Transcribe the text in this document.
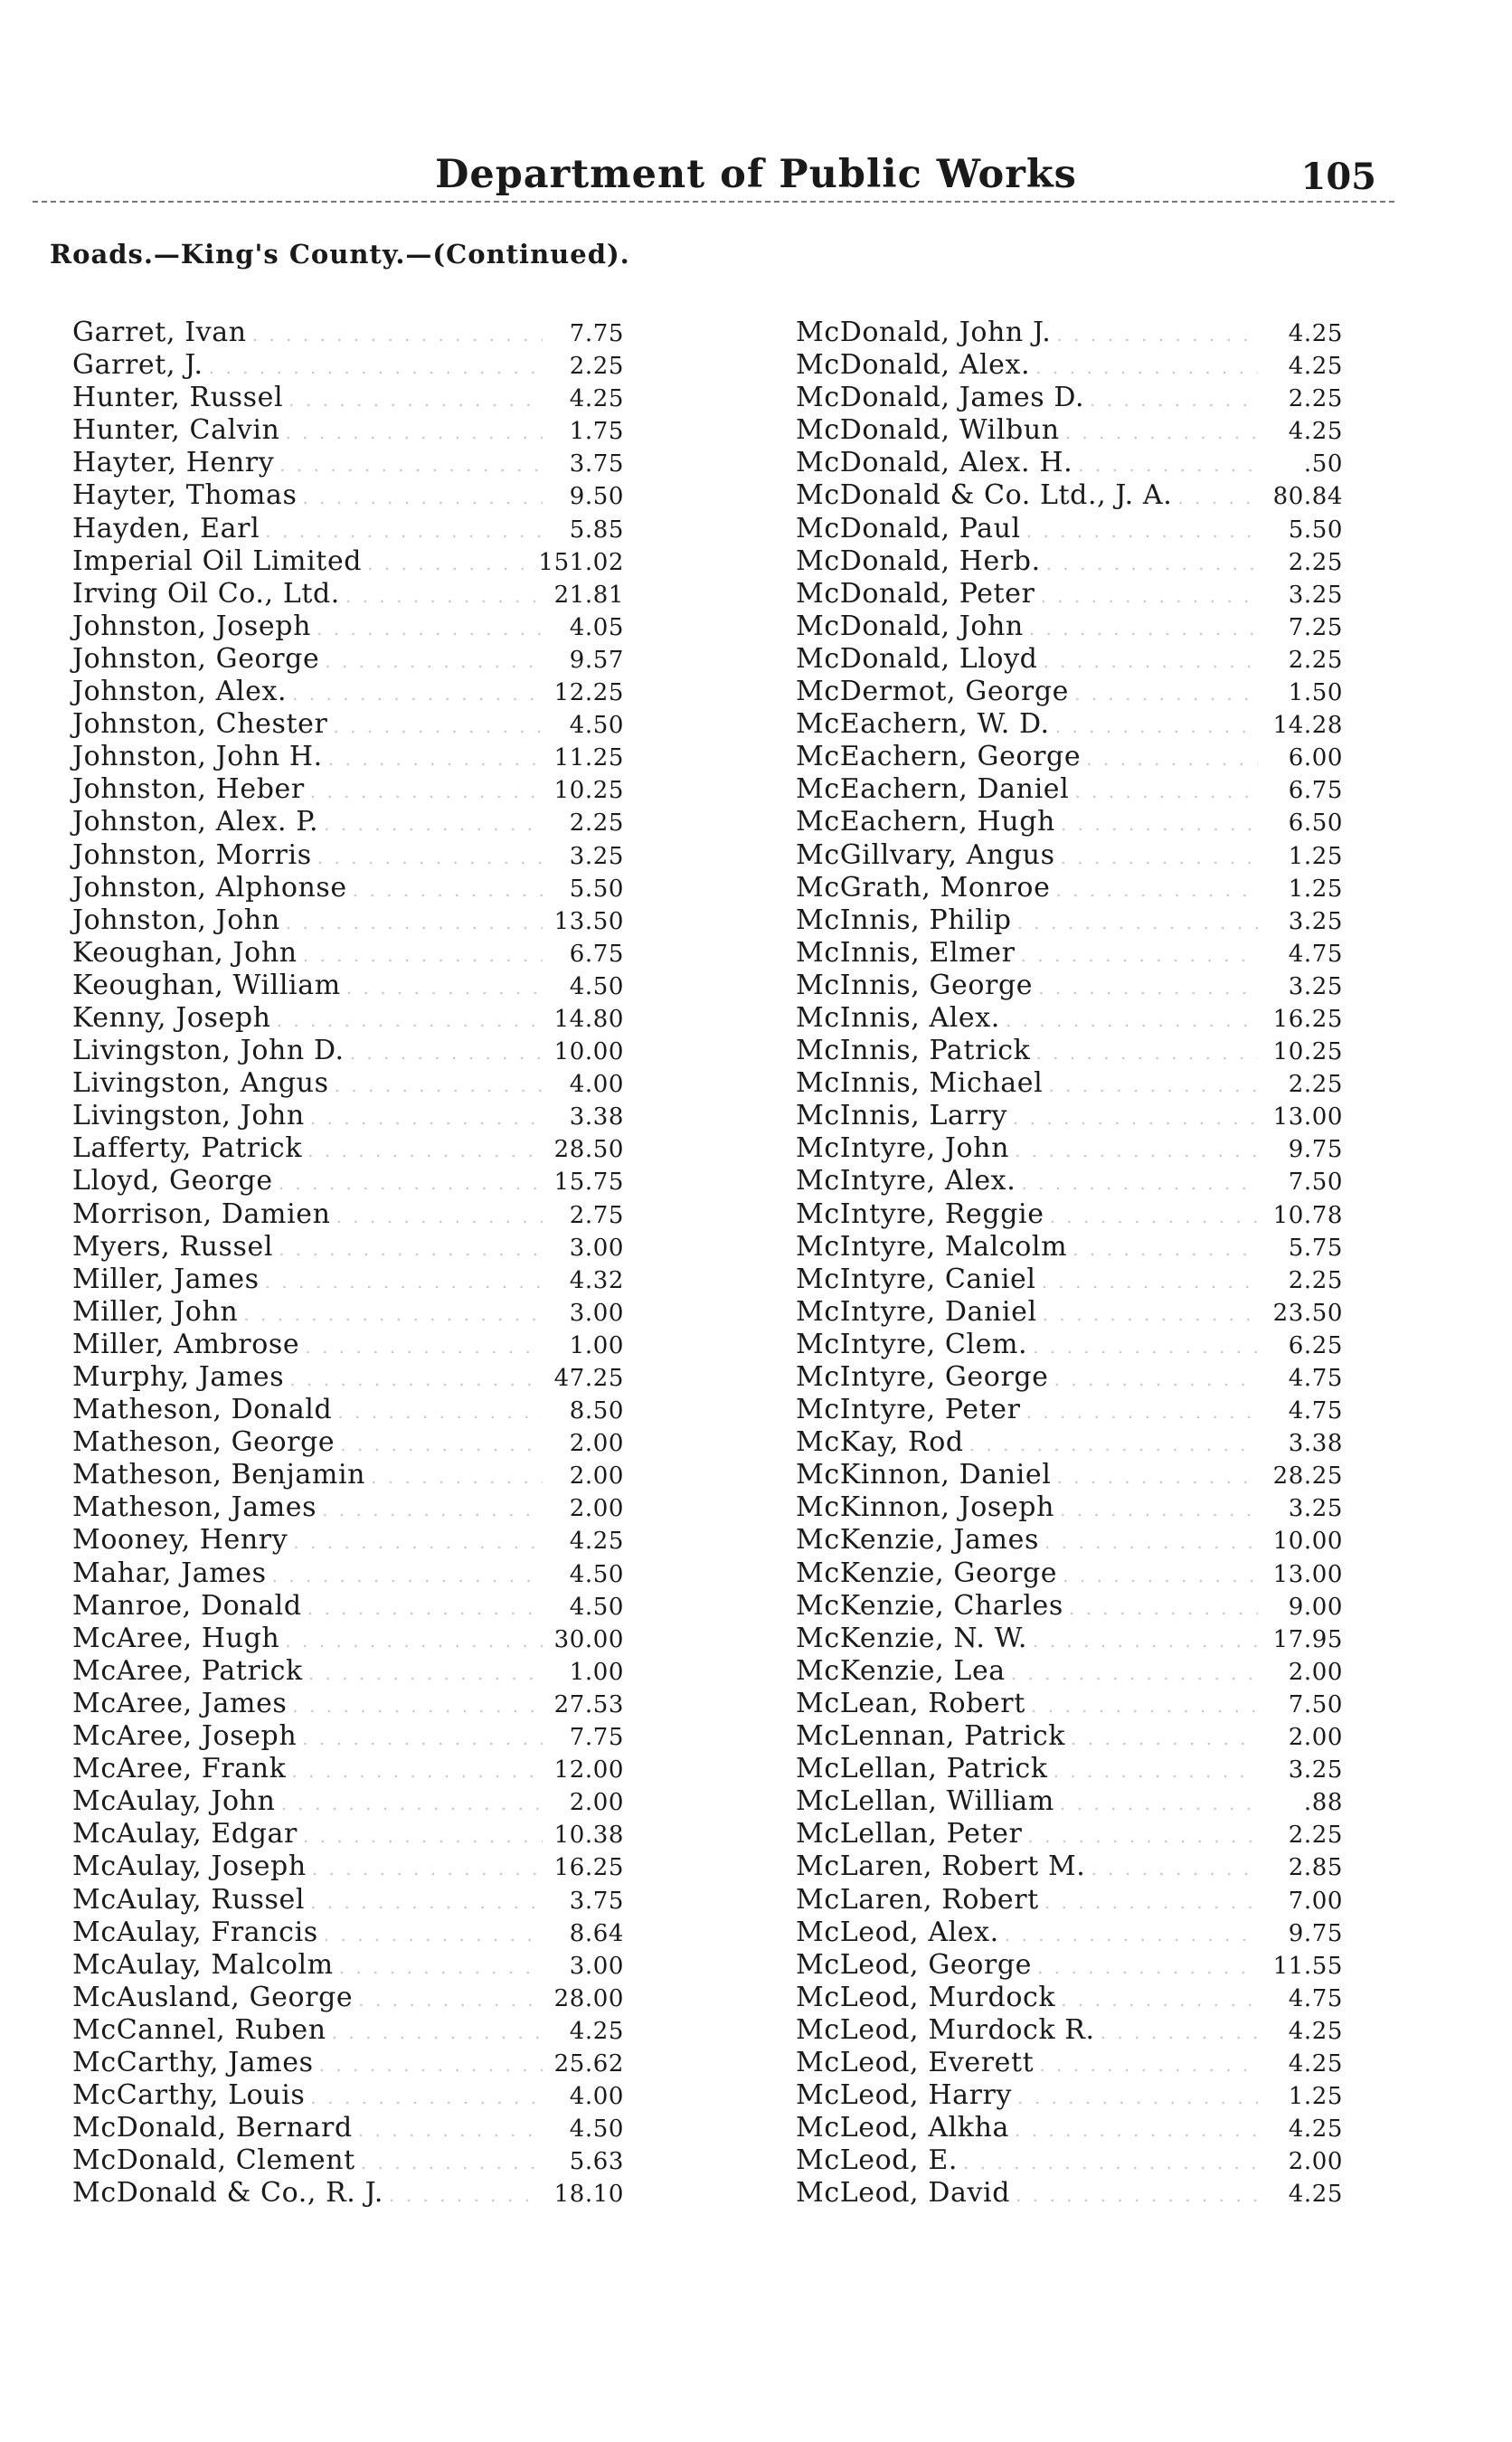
Department of Public Works	105
Roads.—King's County.—(Continued).
Garret, Ivan . . .	7.75
Garret, J. . . .	2.25
Hunter, Russel . . .	4.25
Hunter, Calvin . . .	1.75
Hayter, Henry . . .	3.75
Hayter, Thomas . . .	9.50
Hayden, Earl . . .	5.85
Imperial Oil Limited . . .	151.02
Irving Oil Co., Ltd. . . .	21.81
Johnston, Joseph . . .	4.05
Johnston, George . . .	9.57
Johnston, Alex. . . .	12.25
Johnston, Chester . . .	4.50
Johnston, John H. . . .	11.25
Johnston, Heber . . .	10.25
Johnston, Alex. P. . . .	2.25
Johnston, Morris . . .	3.25
Johnston, Alphonse . . .	5.50
Johnston, John . . .	13.50
Keoughan, John . . .	6.75
Keoughan, William . . .	4.50
Kenny, Joseph . . .	14.80
Livingston, John D. . . .	10.00
Livingston, Angus . . .	4.00
Livingston, John . . .	3.38
Lafferty, Patrick . . .	28.50
Lloyd, George . . .	15.75
Morrison, Damien . . .	2.75
Myers, Russel . . .	3.00
Miller, James . . .	4.32
Miller, John . . .	3.00
Miller, Ambrose . . .	1.00
Murphy, James . . .	47.25
Matheson, Donald . . .	8.50
Matheson, George . . .	2.00
Matheson, Benjamin . . .	2.00
Matheson, James . . .	2.00
Mooney, Henry . . .	4.25
Mahar, James . . .	4.50
Manroe, Donald . . .	4.50
McAree, Hugh . . .	30.00
McAree, Patrick . . .	1.00
McAree, James . . .	27.53
McAree, Joseph . . .	7.75
McAree, Frank . . .	12.00
McAulay, John . . .	2.00
McAulay, Edgar . . .	10.38
McAulay, Joseph . . .	16.25
McAulay, Russel . . .	3.75
McAulay, Francis . . .	8.64
McAulay, Malcolm . . .	3.00
McAusland, George . . .	28.00
McCannel, Ruben . . .	4.25
McCarthy, James . . .	25.62
McCarthy, Louis . . .	4.00
McDonald, Bernard . . .	4.50
McDonald, Clement . . .	5.63
McDonald & Co., R. J. . . .	18.10
McDonald, John J. . . .	4.25
McDonald, Alex. . . .	4.25
McDonald, James D. . . .	2.25
McDonald, Wilbun . . .	4.25
McDonald, Alex. H. . . .	.50
McDonald & Co. Ltd., J. A. . . .	80.84
McDonald, Paul . . .	5.50
McDonald, Herb. . . .	2.25
McDonald, Peter . . .	3.25
McDonald, John . . .	7.25
McDonald, Lloyd . . .	2.25
McDermot, George . . .	1.50
McEachern, W. D. . . .	14.28
McEachern, George . . .	6.00
McEachern, Daniel . . .	6.75
McEachern, Hugh . . .	6.50
McGillvary, Angus . . .	1.25
McGrath, Monroe . . .	1.25
McInnis, Philip . . .	3.25
McInnis, Elmer . . .	4.75
McInnis, George . . .	3.25
McInnis, Alex. . . .	16.25
McInnis, Patrick . . .	10.25
McInnis, Michael . . .	2.25
McInnis, Larry . . .	13.00
McIntyre, John . . .	9.75
McIntyre, Alex. . . .	7.50
McIntyre, Reggie . . .	10.78
McIntyre, Malcolm . . .	5.75
McIntyre, Caniel . . .	2.25
McIntyre, Daniel . . .	23.50
McIntyre, Clem. . . .	6.25
McIntyre, George . . .	4.75
McIntyre, Peter . . .	4.75
McKay, Rod . . .	3.38
McKinnon, Daniel . . .	28.25
McKinnon, Joseph . . .	3.25
McKenzie, James . . .	10.00
McKenzie, George . . .	13.00
McKenzie, Charles . . .	9.00
McKenzie, N. W. . . .	17.95
McKenzie, Lea . . .	2.00
McLean, Robert . . .	7.50
McLennan, Patrick . . .	2.00
McLellan, Patrick . . .	3.25
McLellan, William . . .	.88
McLellan, Peter . . .	2.25
McLaren, Robert M. . . .	2.85
McLaren, Robert . . .	7.00
McLeod, Alex. . . .	9.75
McLeod, George . . .	11.55
McLeod, Murdock . . .	4.75
McLeod, Murdock R. . . .	4.25
McLeod, Everett . . .	4.25
McLeod, Harry . . .	1.25
McLeod, Alkha . . .	4.25
McLeod, E. . . .	2.00
McLeod, David . . .	4.25
